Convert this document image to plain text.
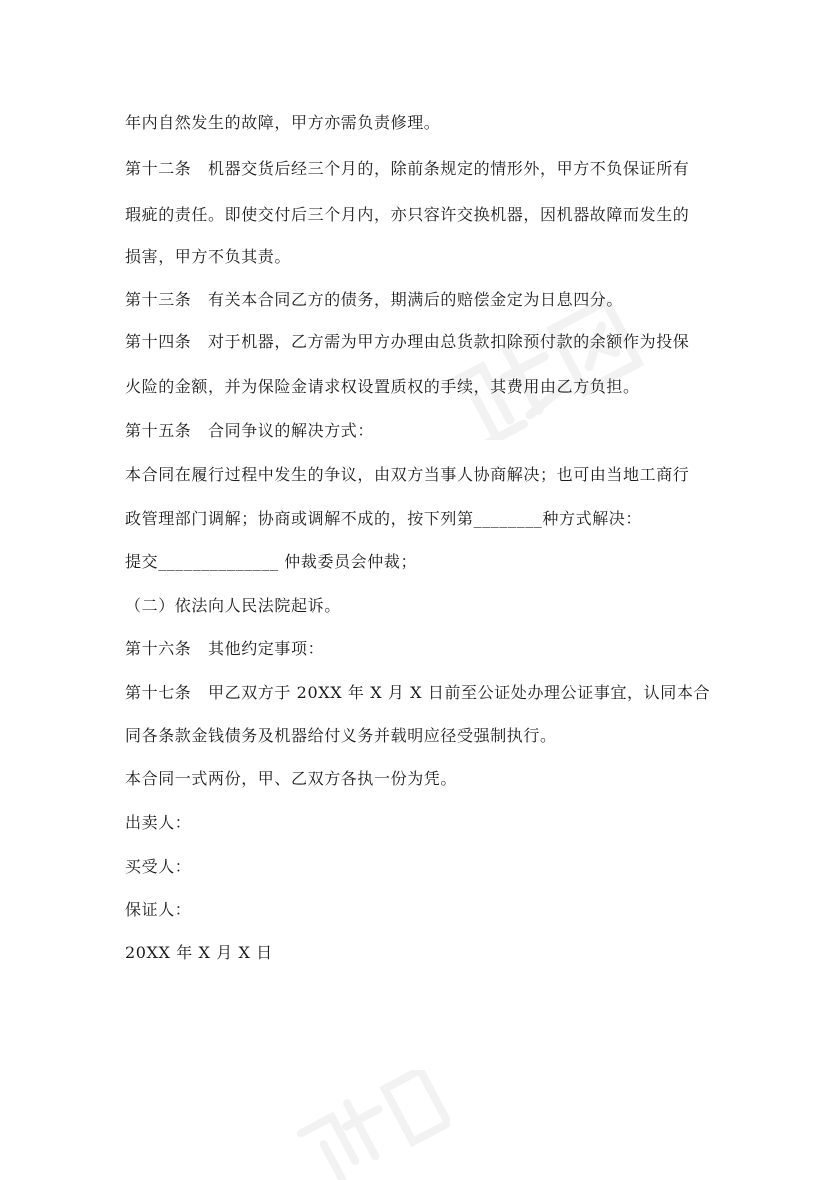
年内自然发生的故障，甲方亦需负责修理。
第十二条　机器交货后经三个月的，除前条规定的情形外，甲方不负保证所有
瑕疵的责任。即使交付后三个月内，亦只容许交换机器，因机器故障而发生的
损害，甲方不负其责。
第十三条　有关本合同乙方的债务，期满后的赔偿金定为日息四分。
第十四条　对于机器，乙方需为甲方办理由总货款扣除预付款的余额作为投保
火险的金额，并为保险金请求权设置质权的手续，其费用由乙方负担。
第十五条　合同争议的解决方式：
本合同在履行过程中发生的争议，由双方当事人协商解决；也可由当地工商行
政管理部门调解；协商或调解不成的，按下列第________种方式解决：
提交______________ 仲裁委员会仲裁；
（二）依法向人民法院起诉。
第十六条　其他约定事项：
第十七条　甲乙双方于 20XX 年 X 月 X 日前至公证处办理公证事宜，认同本合
同各条款金钱债务及机器给付义务并载明应径受强制执行。
本合同一式两份，甲、乙双方各执一份为凭。
出卖人：
买受人：
保证人：
20XX 年 X 月 X 日
